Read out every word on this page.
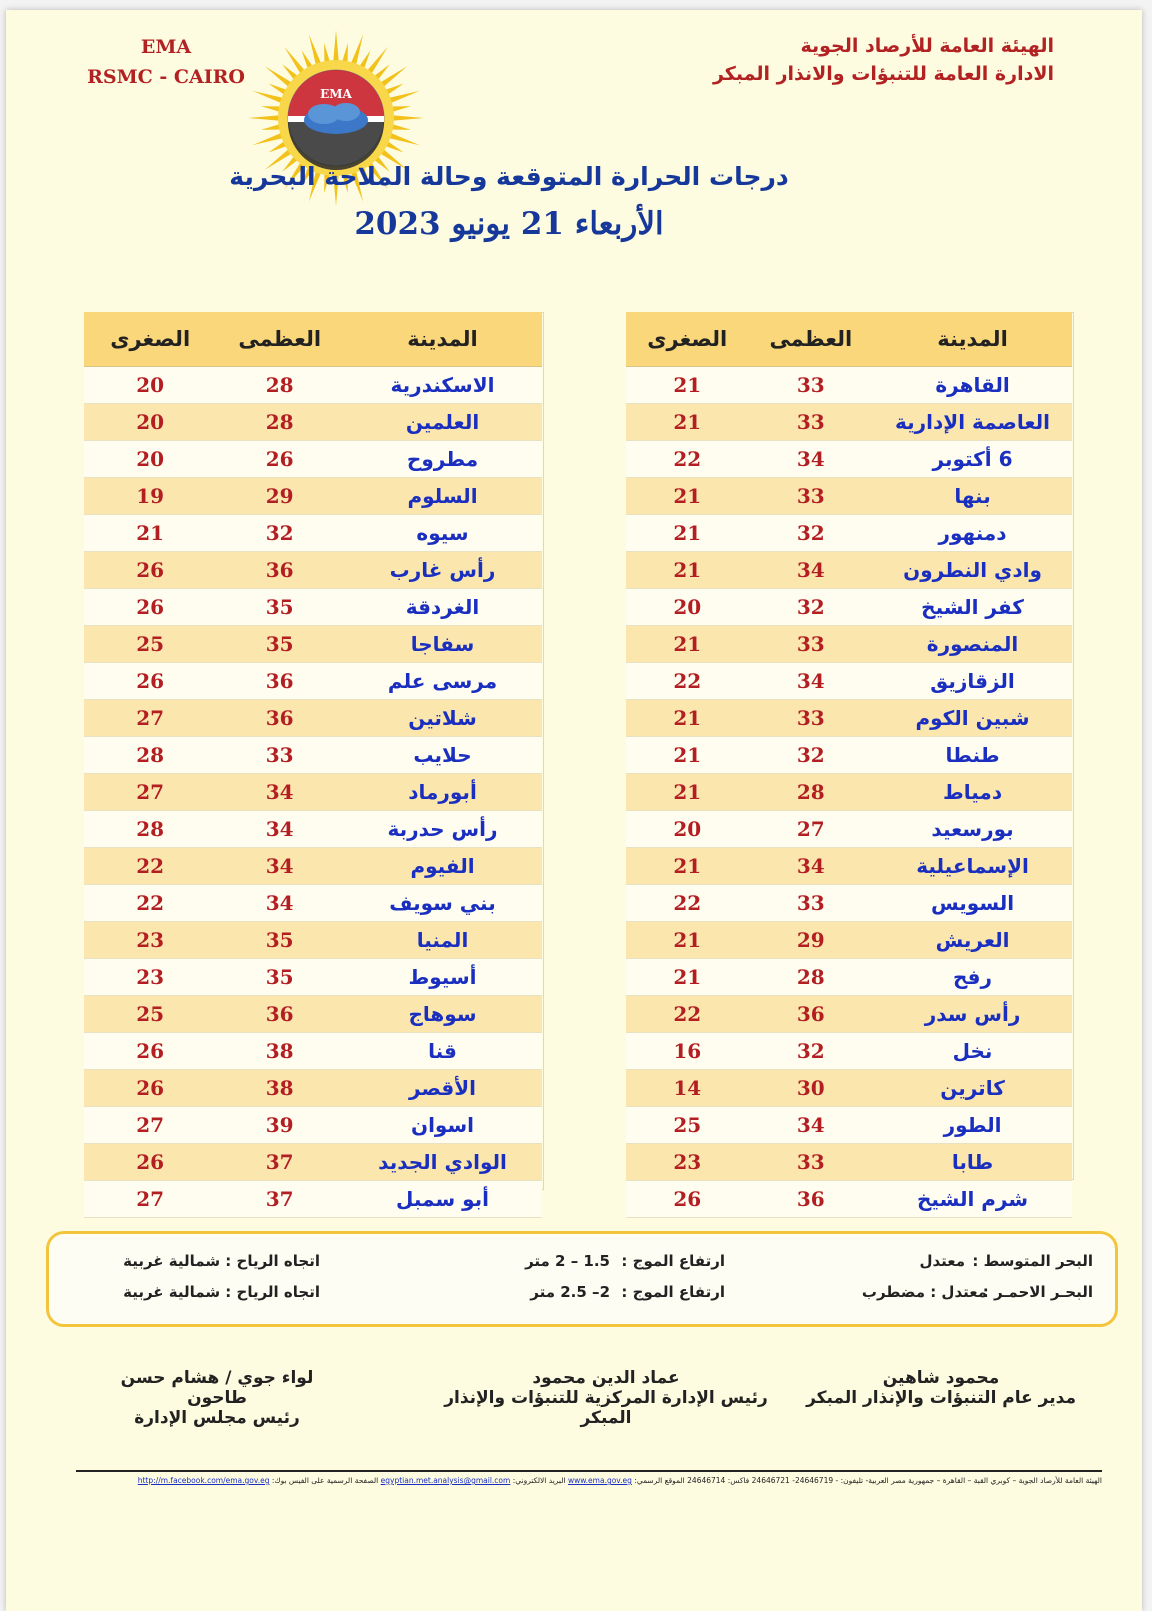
EMA
RSMC - CAIRO
EMA
الهيئة العامة للأرصاد الجوية
الادارة العامة للتنبؤات والانذار المبكر
درجات الحرارة المتوقعة وحالة الملاحة البحرية
الأربعاء 21 يونيو 2023
المدينة	العظمى	الصغرى
القاهرة	33	21
العاصمة الإدارية	33	21
6 أكتوبر	34	22
بنها	33	21
دمنهور	32	21
وادي النطرون	34	21
كفر الشيخ	32	20
المنصورة	33	21
الزقازيق	34	22
شبين الكوم	33	21
طنطا	32	21
دمياط	28	21
بورسعيد	27	20
الإسماعيلية	34	21
السويس	33	22
العريش	29	21
رفح	28	21
رأس سدر	36	22
نخل	32	16
كاترين	30	14
الطور	34	25
طابا	33	23
شرم الشيخ	36	26
المدينة	العظمى	الصغرى
الاسكندرية	28	20
العلمين	28	20
مطروح	26	20
السلوم	29	19
سيوه	32	21
رأس غارب	36	26
الغردقة	35	26
سفاجا	35	25
مرسى علم	36	26
شلاتين	36	27
حلايب	33	28
أبورماد	34	27
رأس حدربة	34	28
الفيوم	34	22
بني سويف	34	22
المنيا	35	23
أسيوط	35	23
سوهاج	36	25
قنا	38	26
الأقصر	38	26
اسوان	39	27
الوادي الجديد	37	26
أبو سمبل	37	27
البحر المتوسط :
معتدل
ارتفاع الموج :
1.5 – 2 متر
اتجاه الرياح : شمالية غربية
البحـر الاحمـر :
معتدل : مضطرب
ارتفاع الموج :
2– 2.5 متر
اتجاه الرياح : شمالية غربية
محمود شاهين
مدير عام التنبؤات والإنذار المبكر
عماد الدين محمود
رئيس الإدارة المركزية للتنبؤات والإنذار المبكر
لواء جوي / هشام حسن طاحون
رئيس مجلس الإدارة
الهيئة العامة للأرصاد الجوية – كوبري القبة – القاهرة – جمهورية مصر العربية- تليفون: - 24646719- 24646721 فاكس: 24646714 الموقع الرسمي: www.ema.gov.eg البريد الالكتروني: egyptian.met.analysis@gmail.com الصفحة الرسمية على الفيس بوك: http://m.facebook.com/ema.gov.eg
